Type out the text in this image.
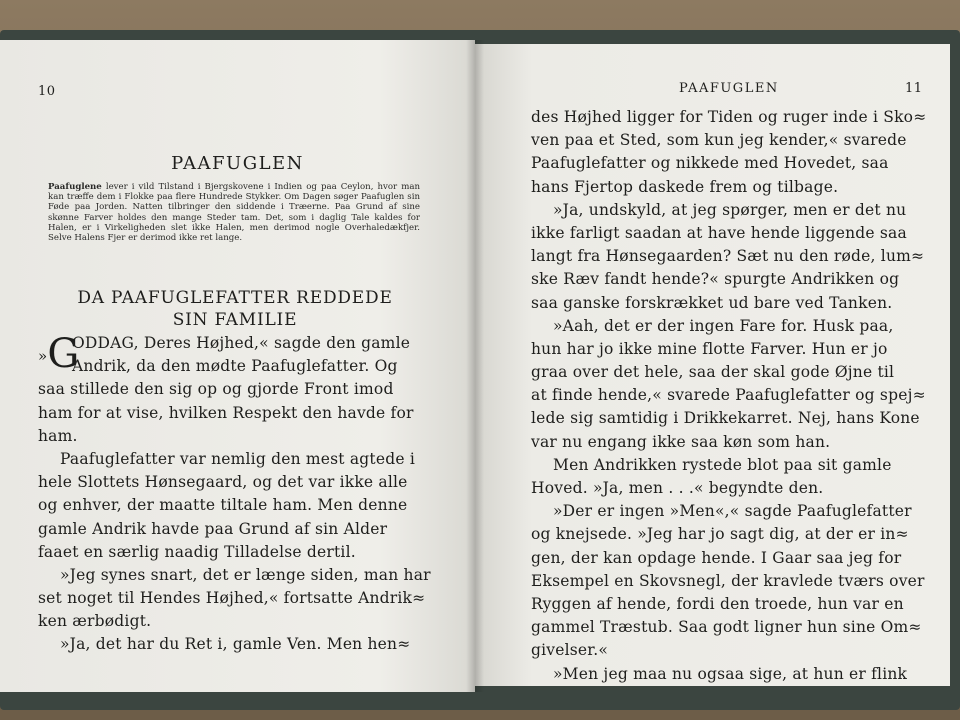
10
PAAFUGLEN
Paafuglene lever i vild Tilstand i Bjergskovene i Indien og paa Ceylon, hvor man kan træffe dem i Flokke paa flere Hundrede Stykker. Om Dagen søger Paafuglen sin Føde paa Jorden. Natten tilbringer den siddende i Træerne. Paa Grund af sine skønne Farver holdes den mange Steder tam. Det, som i daglig Tale kaldes for Halen, er i Virkeligheden slet ikke Halen, men derimod nogle Overhaledækfjer. Selve Halens Fjer er derimod ikke ret lange.
DA PAAFUGLEFATTER REDDEDE
SIN FAMILIE
»G
ODDAG, Deres Højhed,« sagde den gamle
Andrik, da den mødte Paafuglefatter. Og
saa stillede den sig op og gjorde Front imod
ham for at vise, hvilken Respekt den havde for
ham.
Paafuglefatter var nemlig den mest agtede i
hele Slottets Hønsegaard, og det var ikke alle
og enhver, der maatte tiltale ham. Men denne
gamle Andrik havde paa Grund af sin Alder
faaet en særlig naadig Tilladelse dertil.
»Jeg synes snart, det er længe siden, man har
set noget til Hendes Højhed,« fortsatte Andrik≈
ken ærbødigt.
»Ja, det har du Ret i, gamle Ven. Men hen≈
PAAFUGLEN	11
des Højhed ligger for Tiden og ruger inde i Sko≈
ven paa et Sted, som kun jeg kender,« svarede
Paafuglefatter og nikkede med Hovedet, saa
hans Fjertop daskede frem og tilbage.
»Ja, undskyld, at jeg spørger, men er det nu
ikke farligt saadan at have hende liggende saa
langt fra Hønsegaarden? Sæt nu den røde, lum≈
ske Ræv fandt hende?« spurgte Andrikken og
saa ganske forskrækket ud bare ved Tanken.
»Aah, det er der ingen Fare for. Husk paa,
hun har jo ikke mine flotte Farver. Hun er jo
graa over det hele, saa der skal gode Øjne til
at finde hende,« svarede Paafuglefatter og spej≈
lede sig samtidig i Drikkekarret. Nej, hans Kone
var nu engang ikke saa køn som han.
Men Andrikken rystede blot paa sit gamle
Hoved. »Ja, men . . .« begyndte den.
»Der er ingen »Men«,« sagde Paafuglefatter
og knejsede. »Jeg har jo sagt dig, at der er in≈
gen, der kan opdage hende. I Gaar saa jeg for
Eksempel en Skovsnegl, der kravlede tværs over
Ryggen af hende, fordi den troede, hun var en
gammel Træstub. Saa godt ligner hun sine Om≈
givelser.«
»Men jeg maa nu ogsaa sige, at hun er flink
